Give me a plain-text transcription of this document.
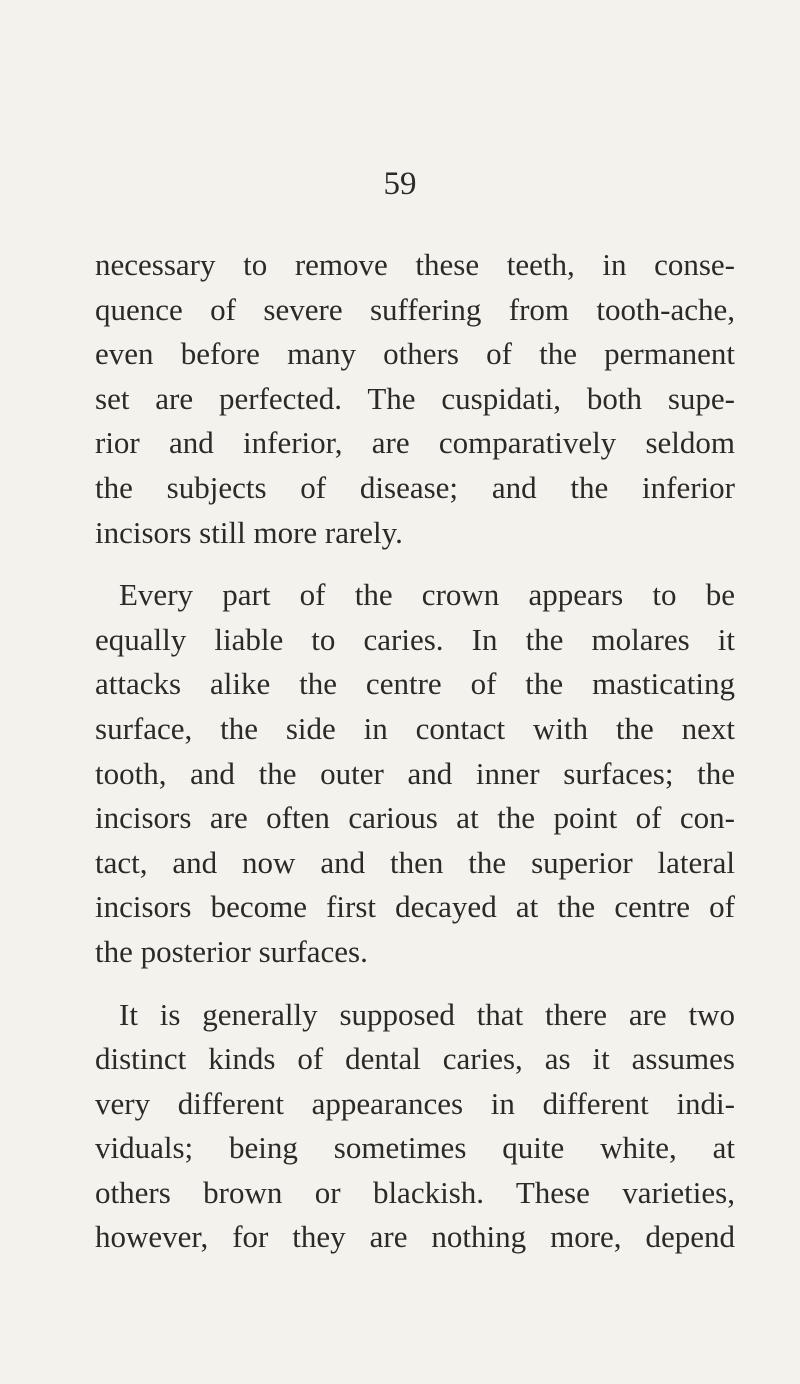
59
necessary to remove these teeth, in conse-
quence of severe suffering from tooth-ache,
even before many others of the permanent
set are perfected. The cuspidati, both supe-
rior and inferior, are comparatively seldom
the subjects of disease; and the inferior
incisors still more rarely.
Every part of the crown appears to be
equally liable to caries. In the molares it
attacks alike the centre of the masticating
surface, the side in contact with the next
tooth, and the outer and inner surfaces; the
incisors are often carious at the point of con-
tact, and now and then the superior lateral
incisors become first decayed at the centre of
the posterior surfaces.
It is generally supposed that there are two
distinct kinds of dental caries, as it assumes
very different appearances in different indi-
viduals; being sometimes quite white, at
others brown or blackish. These varieties,
however, for they are nothing more, depend
